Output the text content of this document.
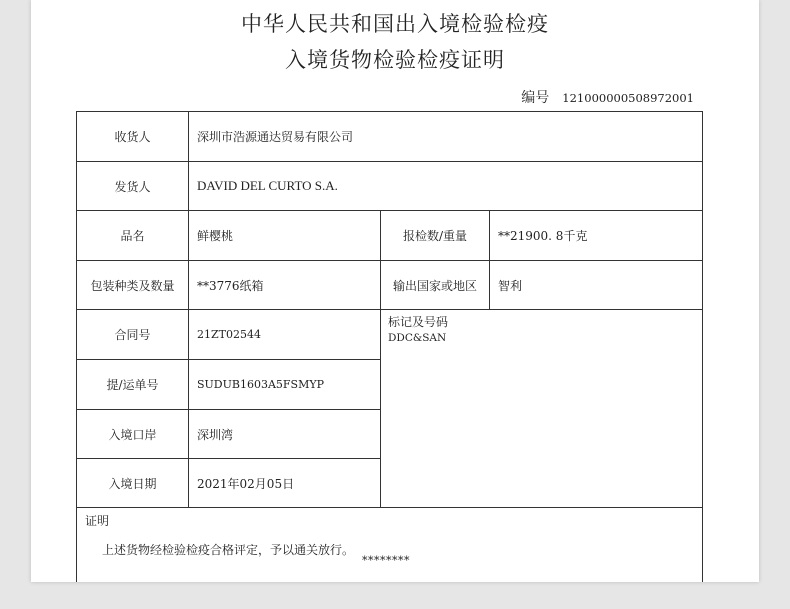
中华人民共和国出入境检验检疫
入境货物检验检疫证明
编号 121000000508972001
收货人	深圳市浩源通达贸易有限公司
发货人	DAVID DEL CURTO S.A.
品名	鲜樱桃	报检数/重量	**21900. 8千克
包装种类及数量	**3776纸箱	输出国家或地区	智利
合同号	21ZT02544
标记及号码
DDC&SAN
提/运单号	SUDUB1603A5FSMYP
入境口岸	深圳湾
入境日期	2021年02月05日
证明
上述货物经检验检疫合格评定，予以通关放行。
********
